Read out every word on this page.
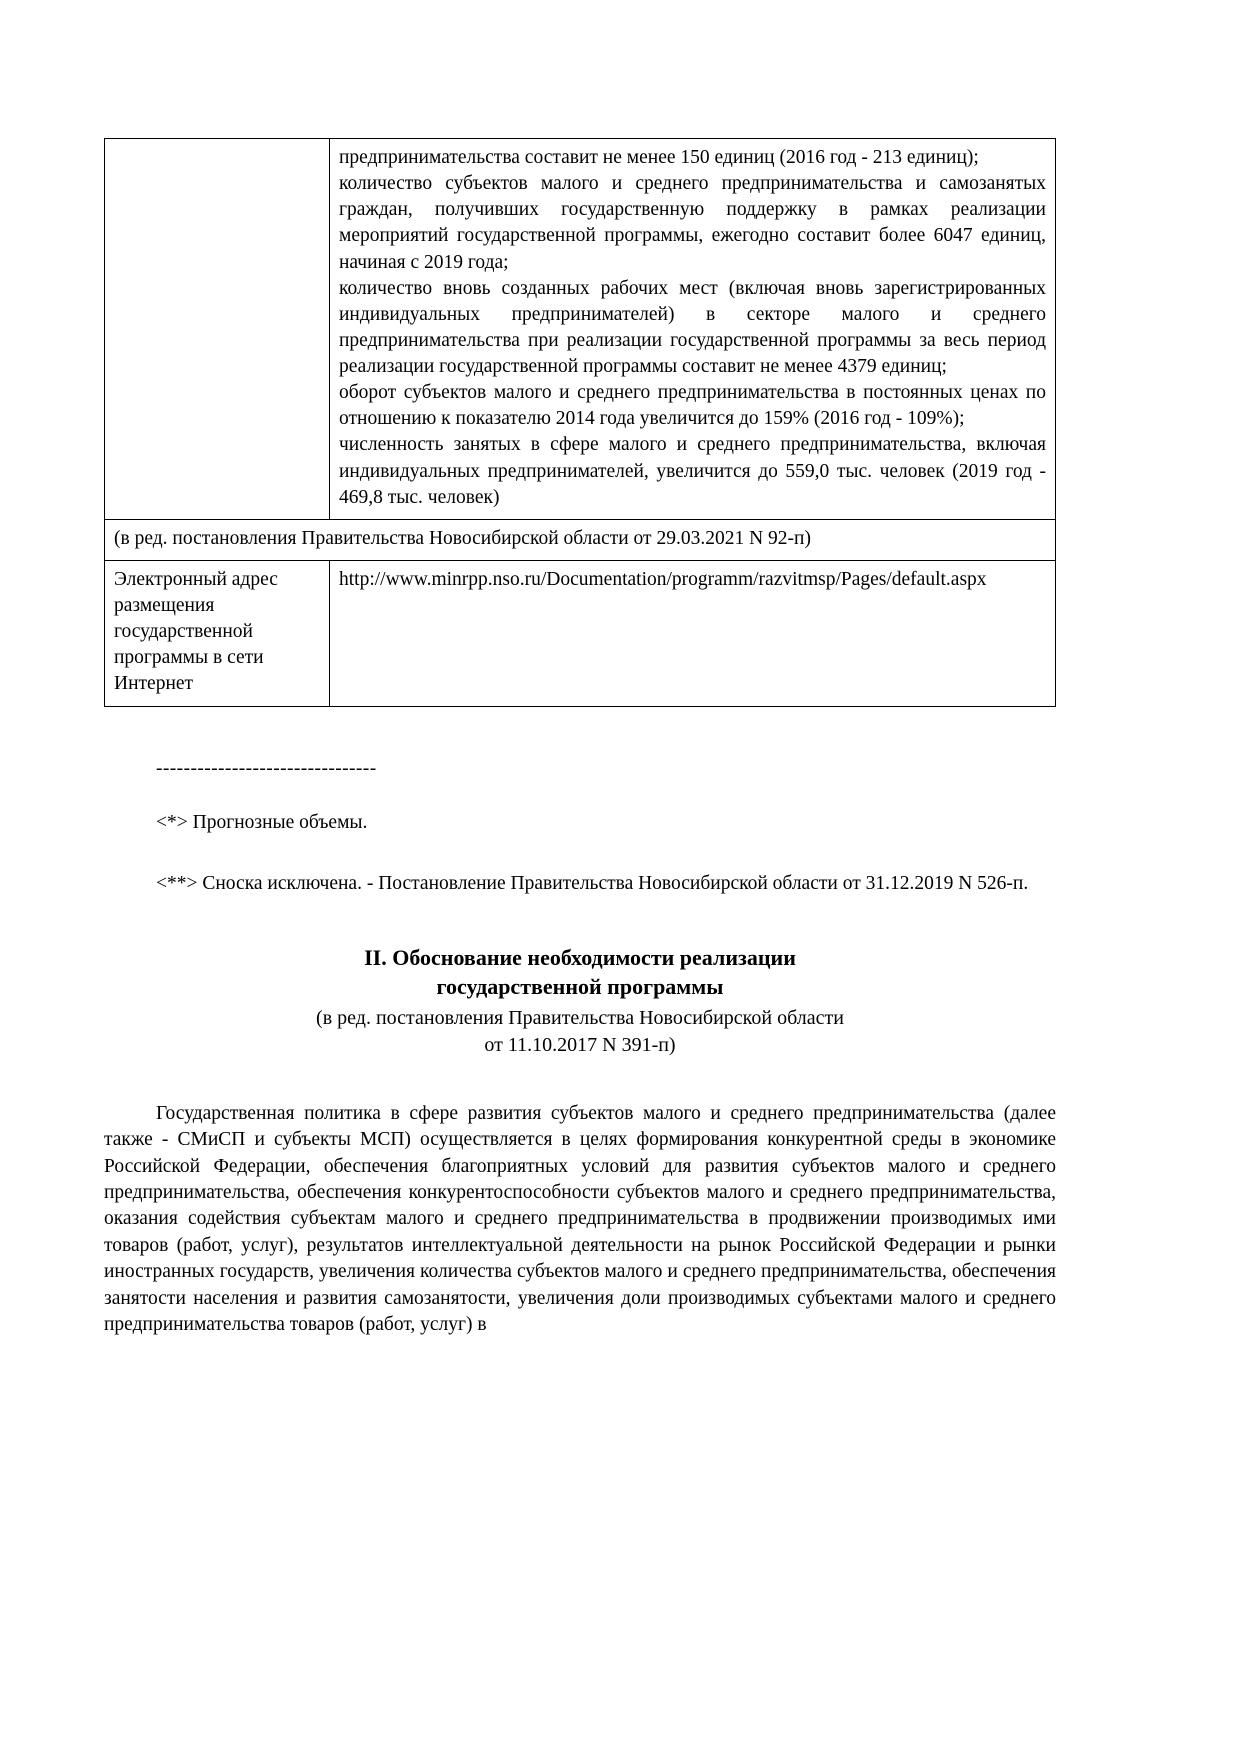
	предпринимательства составит не менее 150 единиц (2016 год - 213 единиц);

количество субъектов малого и среднего предпринимательства и самозанятых граждан, получивших государственную поддержку в рамках реализации мероприятий государственной программы, ежегодно составит более 6047 единиц, начиная с 2019 года;

количество вновь созданных рабочих мест (включая вновь зарегистрированных индивидуальных предпринимателей) в секторе малого и среднего предпринимательства при реализации государственной программы за весь период реализации государственной программы составит не менее 4379 единиц;

оборот субъектов малого и среднего предпринимательства в постоянных ценах по отношению к показателю 2014 года увеличится до 159% (2016 год - 109%);

численность занятых в сфере малого и среднего предпринимательства, включая индивидуальных предпринимателей, увеличится до 559,0 тыс. человек (2019 год - 469,8 тыс. человек)

(в ред. постановления Правительства Новосибирской области от 29.03.2021 N 92-п)	

Электронный адрес размещения государственной программы в сети Интернет	http://www.minrpp.nso.ru/Documentation/programm/razvitmsp/Pages/default.aspx

--------------------------------

<*> Прогнозные объемы.

<**> Сноска исключена. - Постановление Правительства Новосибирской области от 31.12.2019 N 526-п.

II. Обоснование необходимости реализации
государственной программы

(в ред. постановления Правительства Новосибирской области
от 11.10.2017 N 391-п)

Государственная политика в сфере развития субъектов малого и среднего предпринимательства (далее также - СМиСП и субъекты МСП) осуществляется в целях формирования конкурентной среды в экономике Российской Федерации, обеспечения благоприятных условий для развития субъектов малого и среднего предпринимательства, обеспечения конкурентоспособности субъектов малого и среднего предпринимательства, оказания содействия субъектам малого и среднего предпринимательства в продвижении производимых ими товаров (работ, услуг), результатов интеллектуальной деятельности на рынок Российской Федерации и рынки иностранных государств, увеличения количества субъектов малого и среднего предпринимательства, обеспечения занятости населения и развития самозанятости, увеличения доли производимых субъектами малого и среднего предпринимательства товаров (работ, услуг) в
